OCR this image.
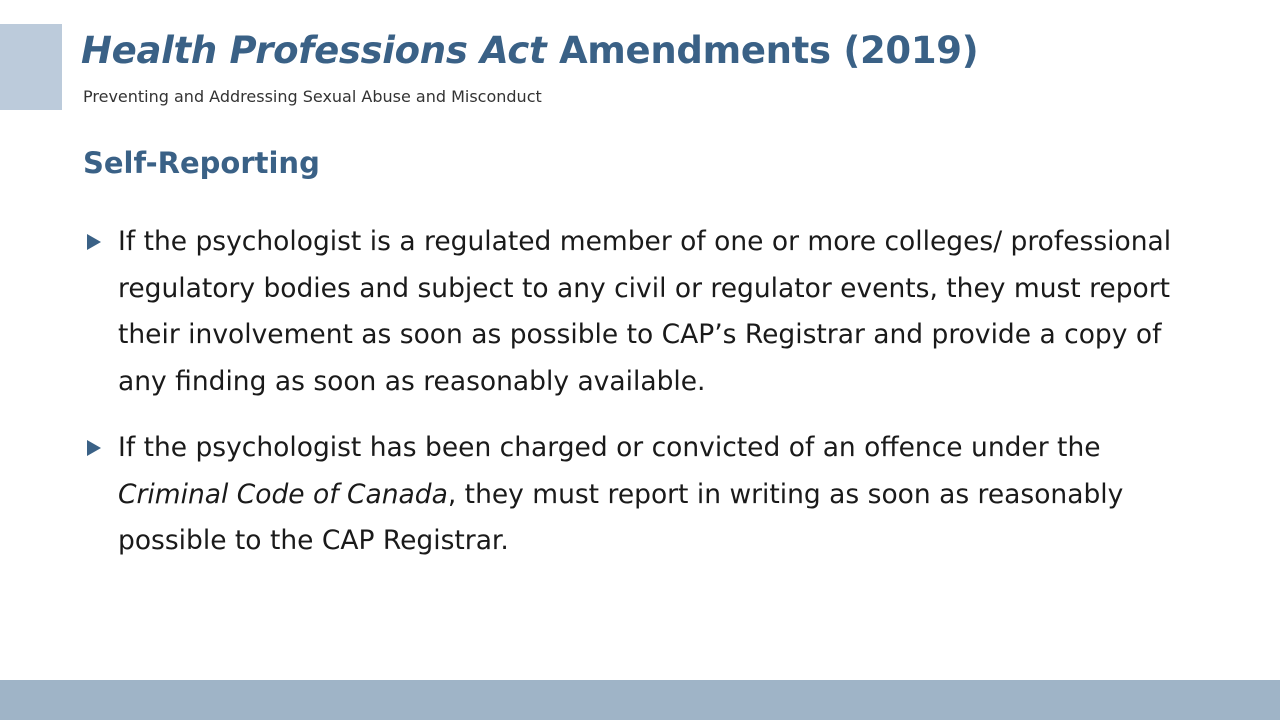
Health Professions Act Amendments (2019)

Preventing and Addressing Sexual Abuse and Misconduct

Self-Reporting
If the psychologist is a regulated member of one or more colleges/ professional regulatory bodies and subject to any civil or regulator events, they must report their involvement as soon as possible to CAP’s Registrar and provide a copy of any finding as soon as reasonably available.
If the psychologist has been charged or convicted of an offence under the Criminal Code of Canada, they must report in writing as soon as reasonably possible to the CAP Registrar.
